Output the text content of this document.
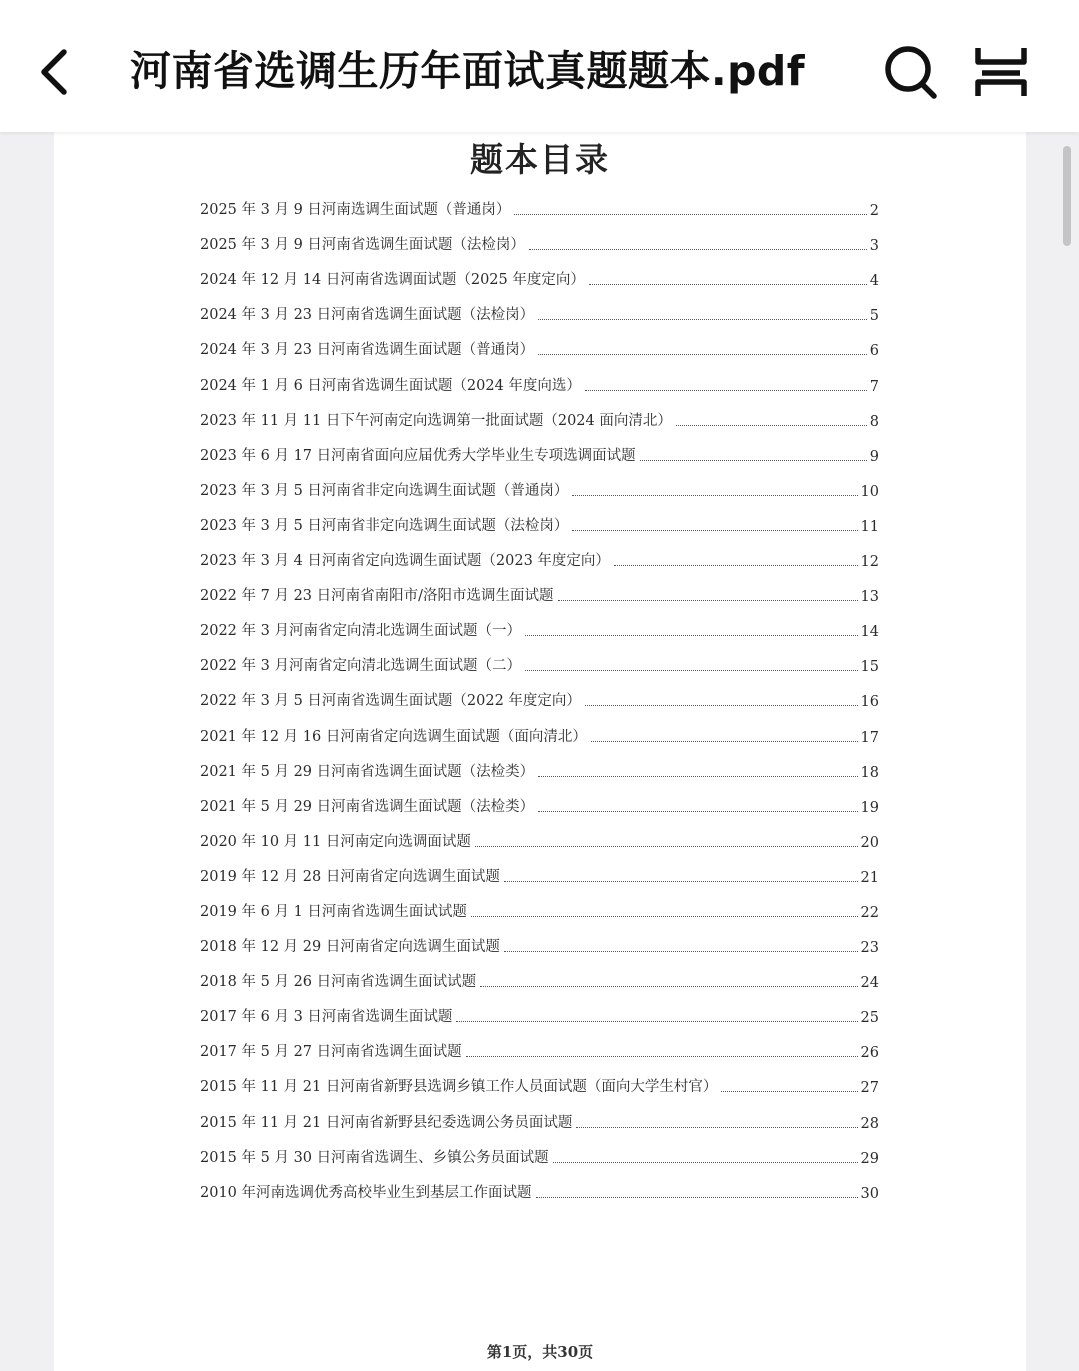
河南省选调生历年面试真题题本.pdf
题本目录
2025 年 3 月 9 日河南选调生面试题（普通岗）	2
2025 年 3 月 9 日河南省选调生面试题（法检岗）	3
2024 年 12 月 14 日河南省选调面试题（2025 年度定向）	4
2024 年 3 月 23 日河南省选调生面试题（法检岗）	5
2024 年 3 月 23 日河南省选调生面试题（普通岗）	6
2024 年 1 月 6 日河南省选调生面试题（2024 年度向选）	7
2023 年 11 月 11 日下午河南定向选调第一批面试题（2024 面向清北）	8
2023 年 6 月 17 日河南省面向应届优秀大学毕业生专项选调面试题	9
2023 年 3 月 5 日河南省非定向选调生面试题（普通岗）	10
2023 年 3 月 5 日河南省非定向选调生面试题（法检岗）	11
2023 年 3 月 4 日河南省定向选调生面试题（2023 年度定向）	12
2022 年 7 月 23 日河南省南阳市/洛阳市选调生面试题	13
2022 年 3 月河南省定向清北选调生面试题（一）	14
2022 年 3 月河南省定向清北选调生面试题（二）	15
2022 年 3 月 5 日河南省选调生面试题（2022 年度定向）	16
2021 年 12 月 16 日河南省定向选调生面试题（面向清北）	17
2021 年 5 月 29 日河南省选调生面试题（法检类）	18
2021 年 5 月 29 日河南省选调生面试题（法检类）	19
2020 年 10 月 11 日河南定向选调面试题	20
2019 年 12 月 28 日河南省定向选调生面试题	21
2019 年 6 月 1 日河南省选调生面试试题	22
2018 年 12 月 29 日河南省定向选调生面试题	23
2018 年 5 月 26 日河南省选调生面试试题	24
2017 年 6 月 3 日河南省选调生面试题	25
2017 年 5 月 27 日河南省选调生面试题	26
2015 年 11 月 21 日河南省新野县选调乡镇工作人员面试题（面向大学生村官）	27
2015 年 11 月 21 日河南省新野县纪委选调公务员面试题	28
2015 年 5 月 30 日河南省选调生、乡镇公务员面试题	29
2010 年河南选调优秀高校毕业生到基层工作面试题	30
第1页，共30页
